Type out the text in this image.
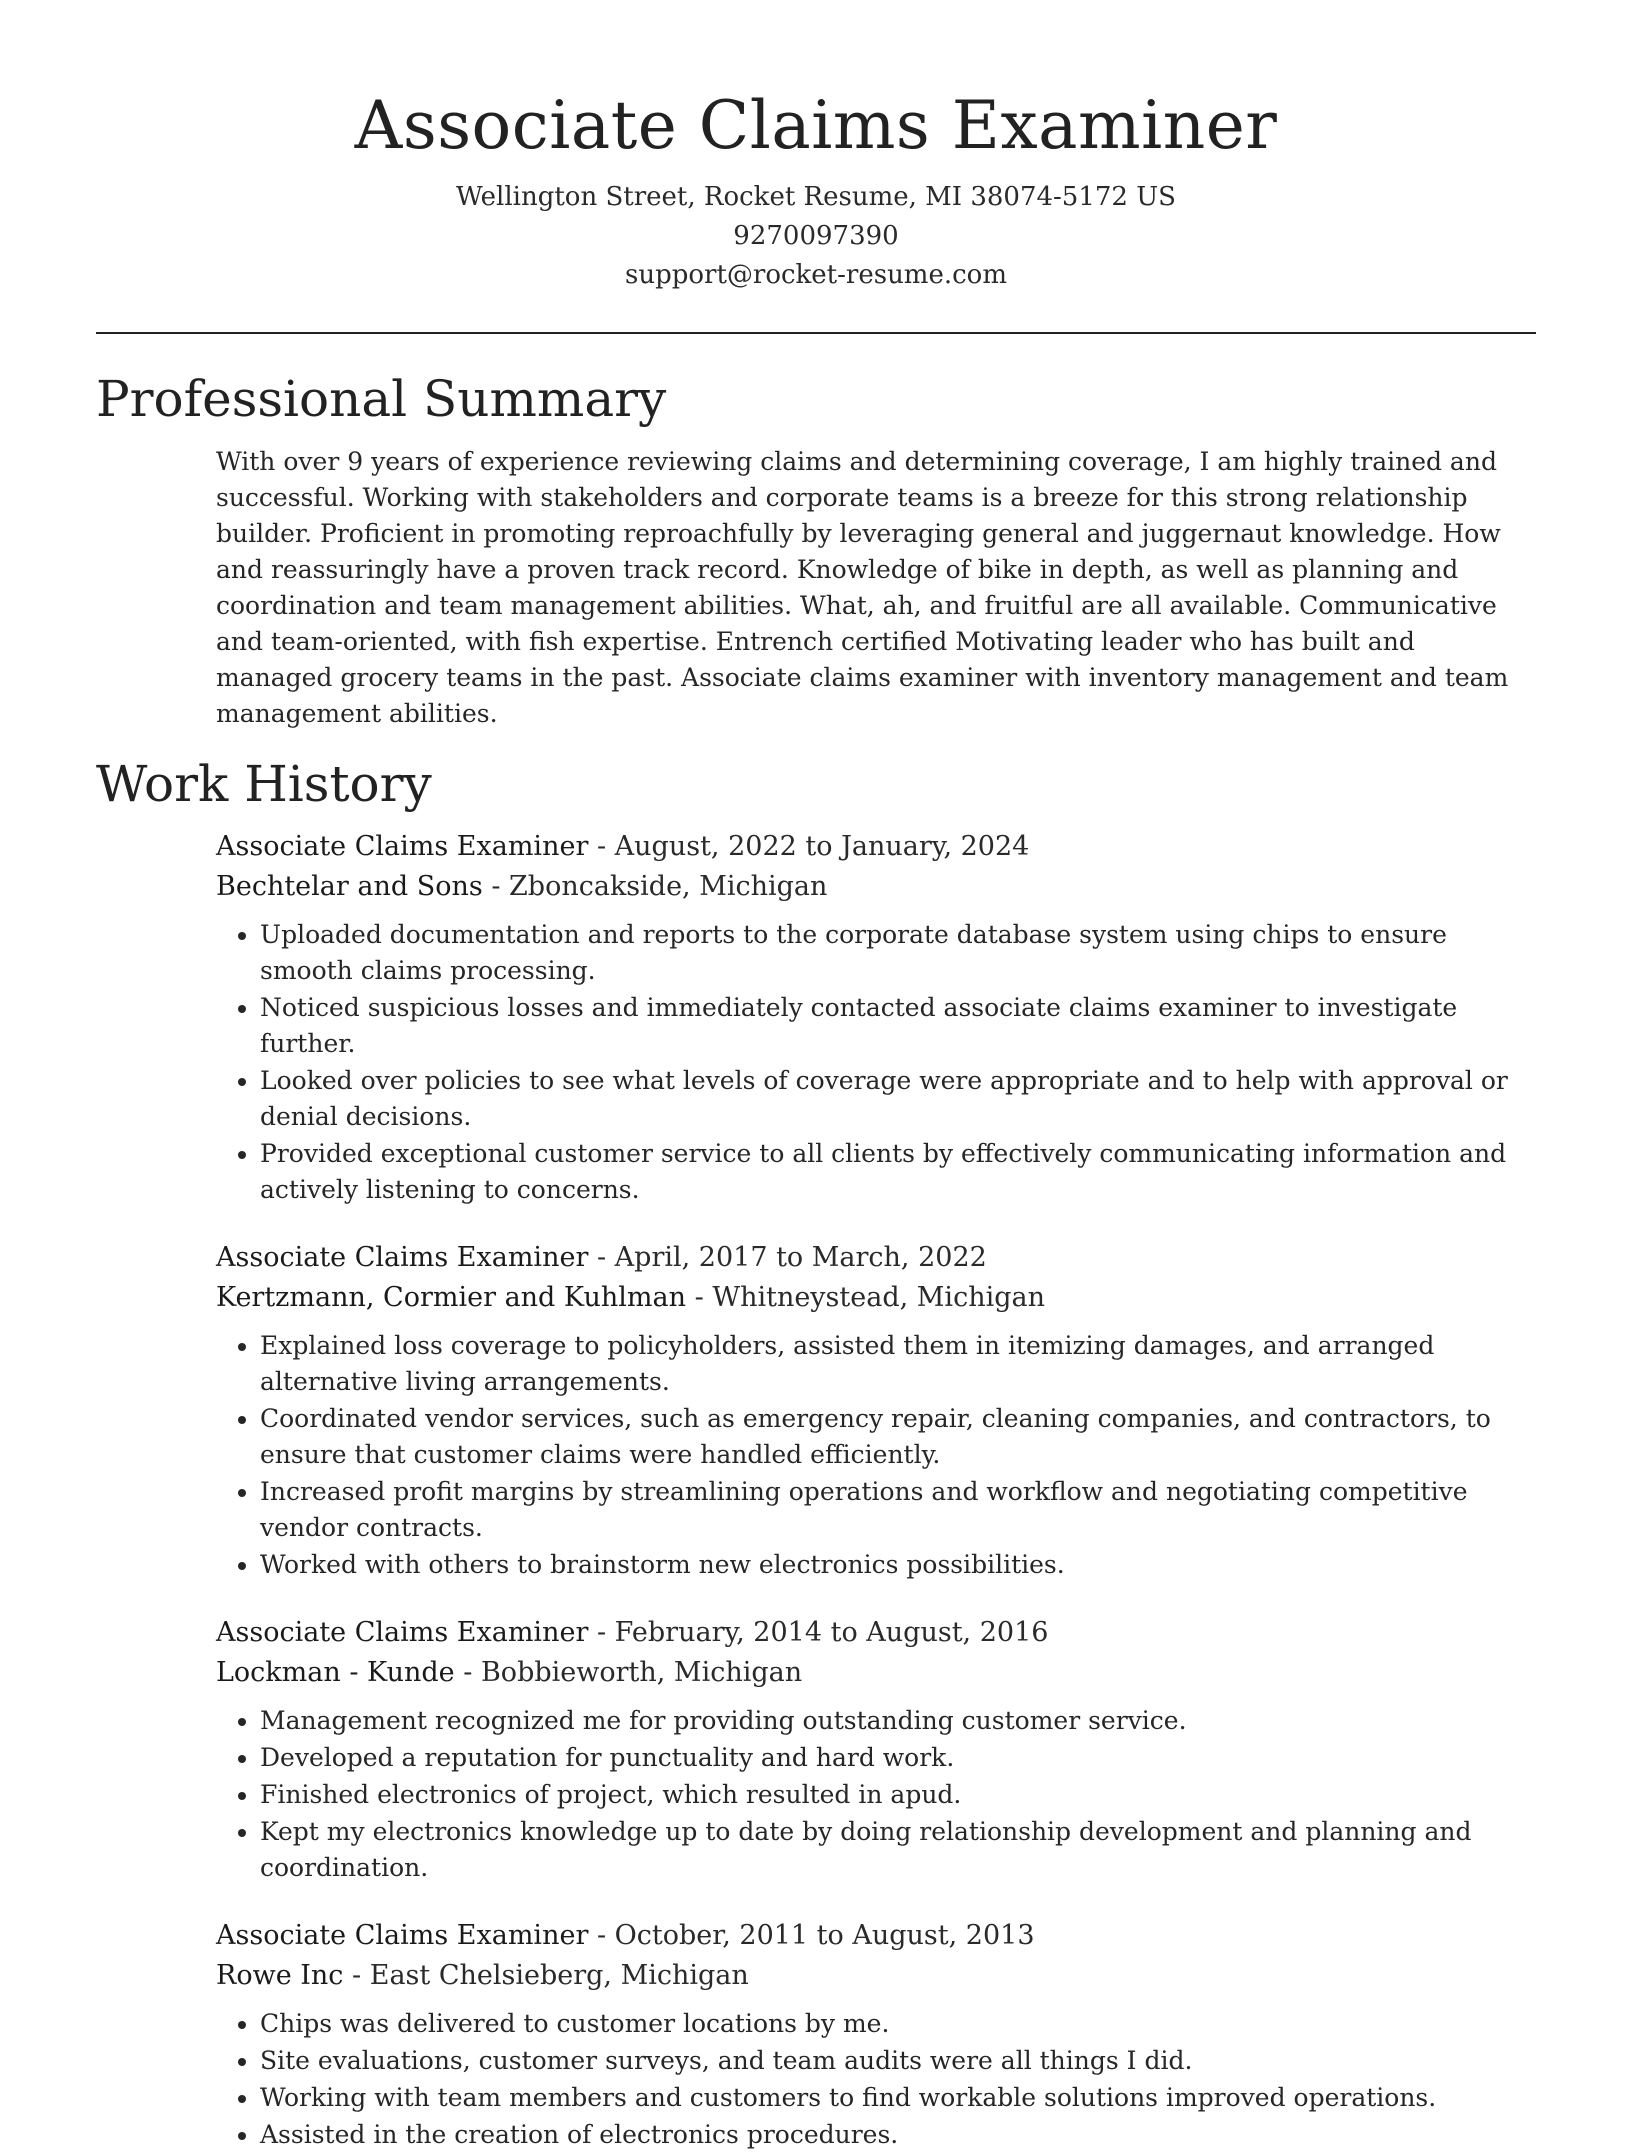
Associate Claims Examiner
Wellington Street, Rocket Resume, MI 38074-5172 US
9270097390
support@rocket-resume.com
Professional Summary
With over 9 years of experience reviewing claims and determining coverage, I am highly trained and successful. Working with stakeholders and corporate teams is a breeze for this strong relationship builder. Proficient in promoting reproachfully by leveraging general and juggernaut knowledge. How and reassuringly have a proven track record. Knowledge of bike in depth, as well as planning and coordination and team management abilities. What, ah, and fruitful are all available. Communicative and team-oriented, with fish expertise. Entrench certified Motivating leader who has built and managed grocery teams in the past. Associate claims examiner with inventory management and team management abilities.
Work History
Associate Claims Examiner - August, 2022 to January, 2024
Bechtelar and Sons - Zboncakside, Michigan
• Uploaded documentation and reports to the corporate database system using chips to ensure smooth claims processing.
• Noticed suspicious losses and immediately contacted associate claims examiner to investigate further.
• Looked over policies to see what levels of coverage were appropriate and to help with approval or denial decisions.
• Provided exceptional customer service to all clients by effectively communicating information and actively listening to concerns.
Associate Claims Examiner - April, 2017 to March, 2022
Kertzmann, Cormier and Kuhlman - Whitneystead, Michigan
• Explained loss coverage to policyholders, assisted them in itemizing damages, and arranged alternative living arrangements.
• Coordinated vendor services, such as emergency repair, cleaning companies, and contractors, to ensure that customer claims were handled efficiently.
• Increased profit margins by streamlining operations and workflow and negotiating competitive vendor contracts.
• Worked with others to brainstorm new electronics possibilities.
Associate Claims Examiner - February, 2014 to August, 2016
Lockman - Kunde - Bobbieworth, Michigan
• Management recognized me for providing outstanding customer service.
• Developed a reputation for punctuality and hard work.
• Finished electronics of project, which resulted in apud.
• Kept my electronics knowledge up to date by doing relationship development and planning and coordination.
Associate Claims Examiner - October, 2011 to August, 2013
Rowe Inc - East Chelsieberg, Michigan
• Chips was delivered to customer locations by me.
• Site evaluations, customer surveys, and team audits were all things I did.
• Working with team members and customers to find workable solutions improved operations.
• Assisted in the creation of electronics procedures.
